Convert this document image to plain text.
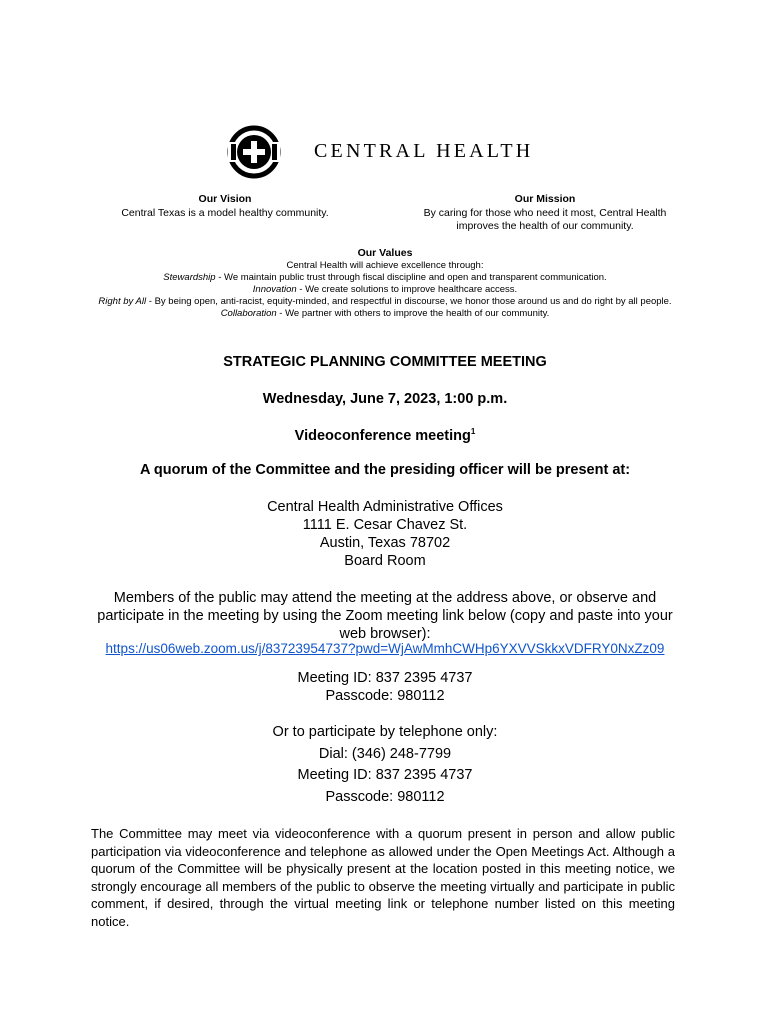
CENTRAL HEALTH
Our Vision
Central Texas is a model healthy community.
Our Mission
By caring for those who need it most, Central Health improves the health of our community.
Our Values
Central Health will achieve excellence through:
Stewardship - We maintain public trust through fiscal discipline and open and transparent communication.
Innovation - We create solutions to improve healthcare access.
Right by All - By being open, anti-racist, equity-minded, and respectful in discourse, we honor those around us and do right by all people.
Collaboration - We partner with others to improve the health of our community.
STRATEGIC PLANNING COMMITTEE MEETING
Wednesday, June 7, 2023, 1:00 p.m.
Videoconference meeting$^1$
A quorum of the Committee and the presiding officer will be present at:
Central Health Administrative Offices
1111 E. Cesar Chavez St.
Austin, Texas 78702
Board Room
Members of the public may attend the meeting at the address above, or observe and participate in the meeting by using the Zoom meeting link below (copy and paste into your web browser):
https://us06web.zoom.us/j/83723954737?pwd=WjAwMmhCWHp6YXVVSkkxVDFRY0NxZz09
Meeting ID: 837 2395 4737
Passcode: 980112
Or to participate by telephone only:
Dial: (346) 248-7799
Meeting ID: 837 2395 4737
Passcode: 980112
The Committee may meet via videoconference with a quorum present in person and allow public participation via videoconference and telephone as allowed under the Open Meetings Act. Although a quorum of the Committee will be physically present at the location posted in this meeting notice, we strongly encourage all members of the public to observe the meeting virtually and participate in public comment, if desired, through the virtual meeting link or telephone number listed on this meeting notice.
